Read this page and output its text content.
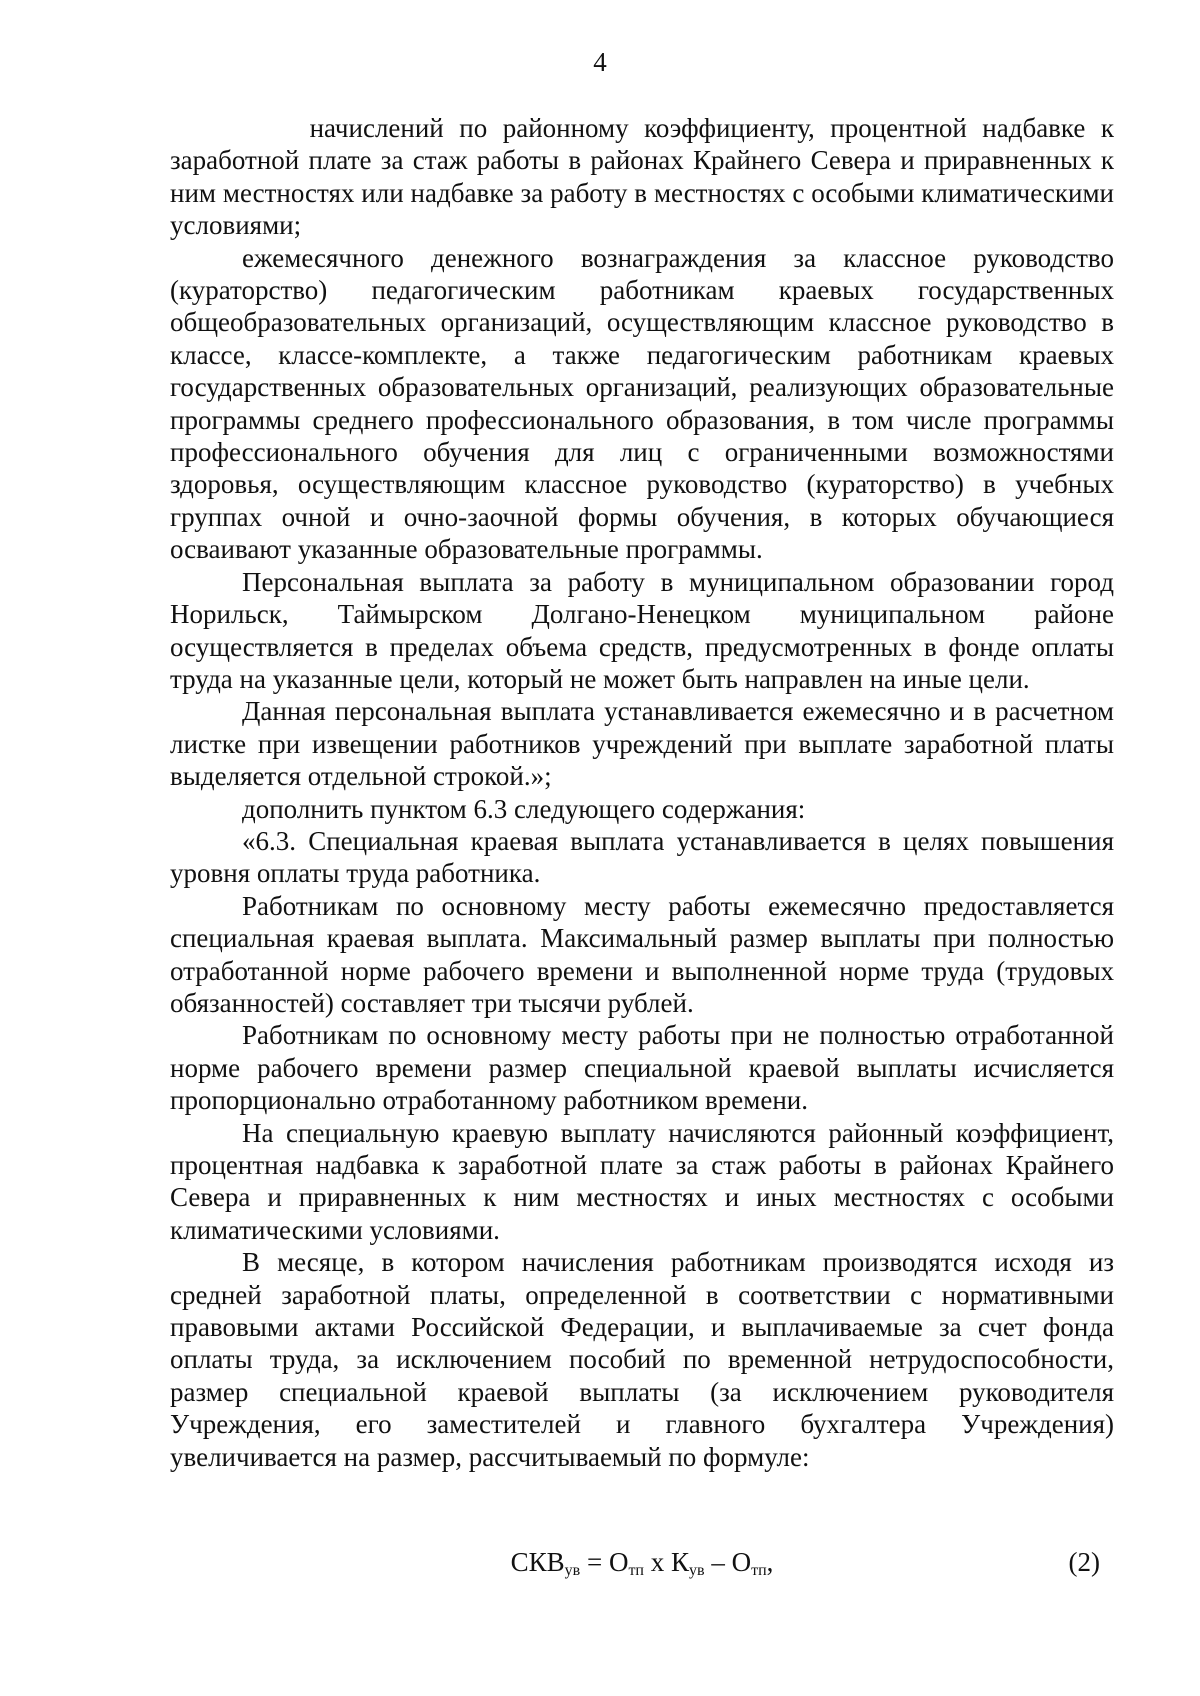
4

начислений по районному коэффициенту, процентной надбавке к заработной плате за стаж работы в районах Крайнего Севера и приравненных к ним местностях или надбавке за работу в местностях с особыми климатическими условиями;

ежемесячного денежного вознаграждения за классное руководство (кураторство) педагогическим работникам краевых государственных общеобразовательных организаций, осуществляющим классное руководство в классе, классе-комплекте, а также педагогическим работникам краевых государственных образовательных организаций, реализующих образовательные программы среднего профессионального образования, в том числе программы профессионального обучения для лиц с ограниченными возможностями здоровья, осуществляющим классное руководство (кураторство) в учебных группах очной и очно-заочной формы обучения, в которых обучающиеся осваивают указанные образовательные программы.

Персональная выплата за работу в муниципальном образовании город Норильск, Таймырском Долгано-Ненецком муниципальном районе осуществляется в пределах объема средств, предусмотренных в фонде оплаты труда на указанные цели, который не может быть направлен на иные цели.

Данная персональная выплата устанавливается ежемесячно и в расчетном листке при извещении работников учреждений при выплате заработной платы выделяется отдельной строкой.»;

дополнить пунктом 6.3 следующего содержания:

«6.3. Специальная краевая выплата устанавливается в целях повышения уровня оплаты труда работника.

Работникам по основному месту работы ежемесячно предоставляется специальная краевая выплата. Максимальный размер выплаты при полностью отработанной норме рабочего времени и выполненной норме труда (трудовых обязанностей) составляет три тысячи рублей.

Работникам по основному месту работы при не полностью отработанной норме рабочего времени размер специальной краевой выплаты исчисляется пропорционально отработанному работником времени.

На специальную краевую выплату начисляются районный коэффициент, процентная надбавка к заработной плате за стаж работы в районах Крайнего Севера и приравненных к ним местностях и иных местностях с особыми климатическими условиями.

В месяце, в котором начисления работникам производятся исходя из средней заработной платы, определенной в соответствии с нормативными правовыми актами Российской Федерации, и выплачиваемые за счет фонда оплаты труда, за исключением пособий по временной нетрудоспособности, размер специальной краевой выплаты (за исключением руководителя Учреждения, его заместителей и главного бухгалтера Учреждения) увеличивается на размер, рассчитываемый по формуле:

$СКВ_{ув} = О_{тп}$ х $К_{ув} - О_{тп}$,	(2)
